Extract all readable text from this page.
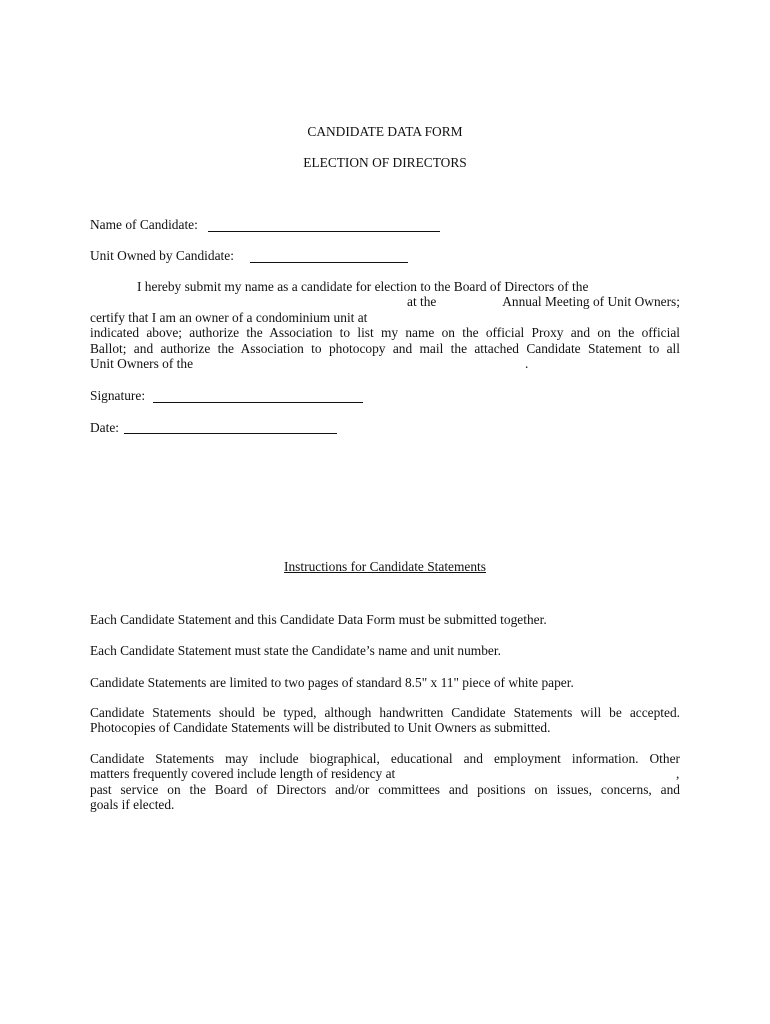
CANDIDATE DATA FORM
ELECTION OF DIRECTORS
Name of Candidate:
Unit Owned by Candidate:
I hereby submit my name as a candidate for election to the Board of Directors of the
at the	Annual Meeting of Unit Owners;
certify that I am an owner of a condominium unit at
indicated above; authorize the Association to list my name on the official Proxy and on the official
Ballot; and authorize the Association to photocopy and mail the attached Candidate Statement to all
Unit Owners of the	.
Signature:
Date:
Instructions for Candidate Statements
Each Candidate Statement and this Candidate Data Form must be submitted together.
Each Candidate Statement must state the Candidate’s name and unit number.
Candidate Statements are limited to two pages of standard 8.5" x 11" piece of white paper.
Candidate Statements should be typed, although handwritten Candidate Statements will be accepted.
Photocopies of Candidate Statements will be distributed to Unit Owners as submitted.
Candidate Statements may include biographical, educational and employment information. Other
matters frequently covered include length of residency at	,
past service on the Board of Directors and/or committees and positions on issues, concerns, and
goals if elected.
